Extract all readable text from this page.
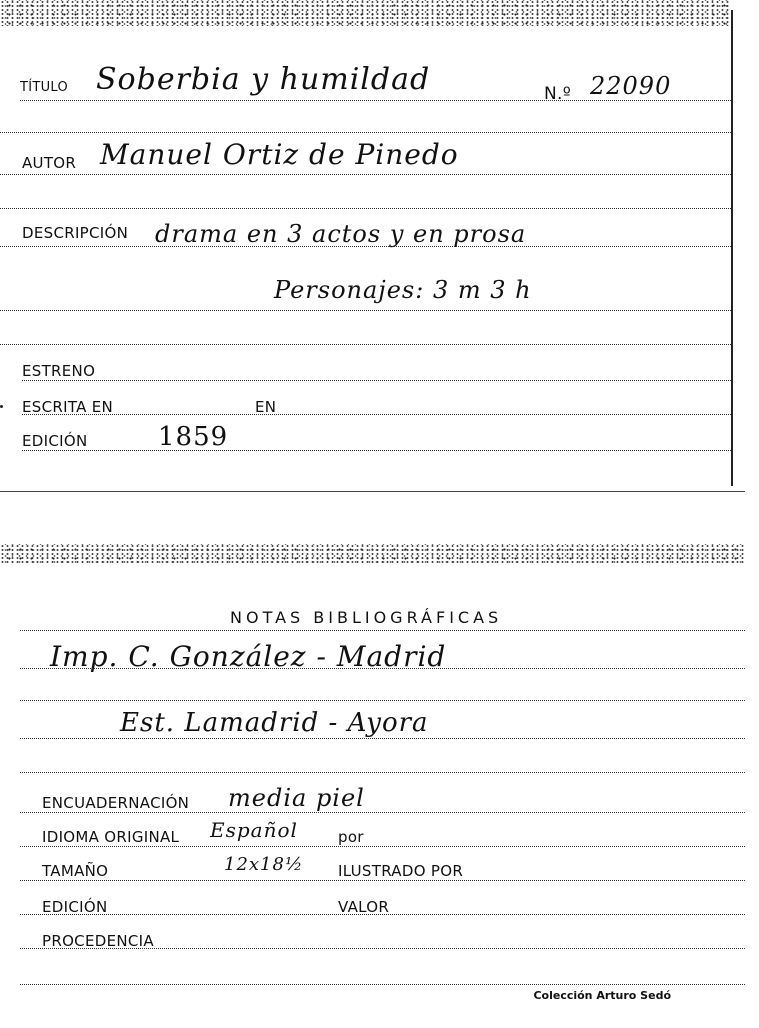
TÍTULO Soberbia y humildad	N.º 22090
AUTOR Manuel Ortiz de Pinedo
DESCRIPCIÓN drama en 3 actos y en prosa
Personajes: 3 m 3 h
ESTRENO
ESCRITA EN	EN
EDICIÓN	1859
NOTAS BIBLIOGRÁFICAS
Imp. C. González - Madrid
Est. Lamadrid - Ayora
ENCUADERNACIÓN media piel
IDIOMA ORIGINAL Español	por
TAMAÑO	12x18½ ILUSTRADO POR
EDICIÓN	VALOR
PROCEDENCIA
Colección Arturo Sedó
